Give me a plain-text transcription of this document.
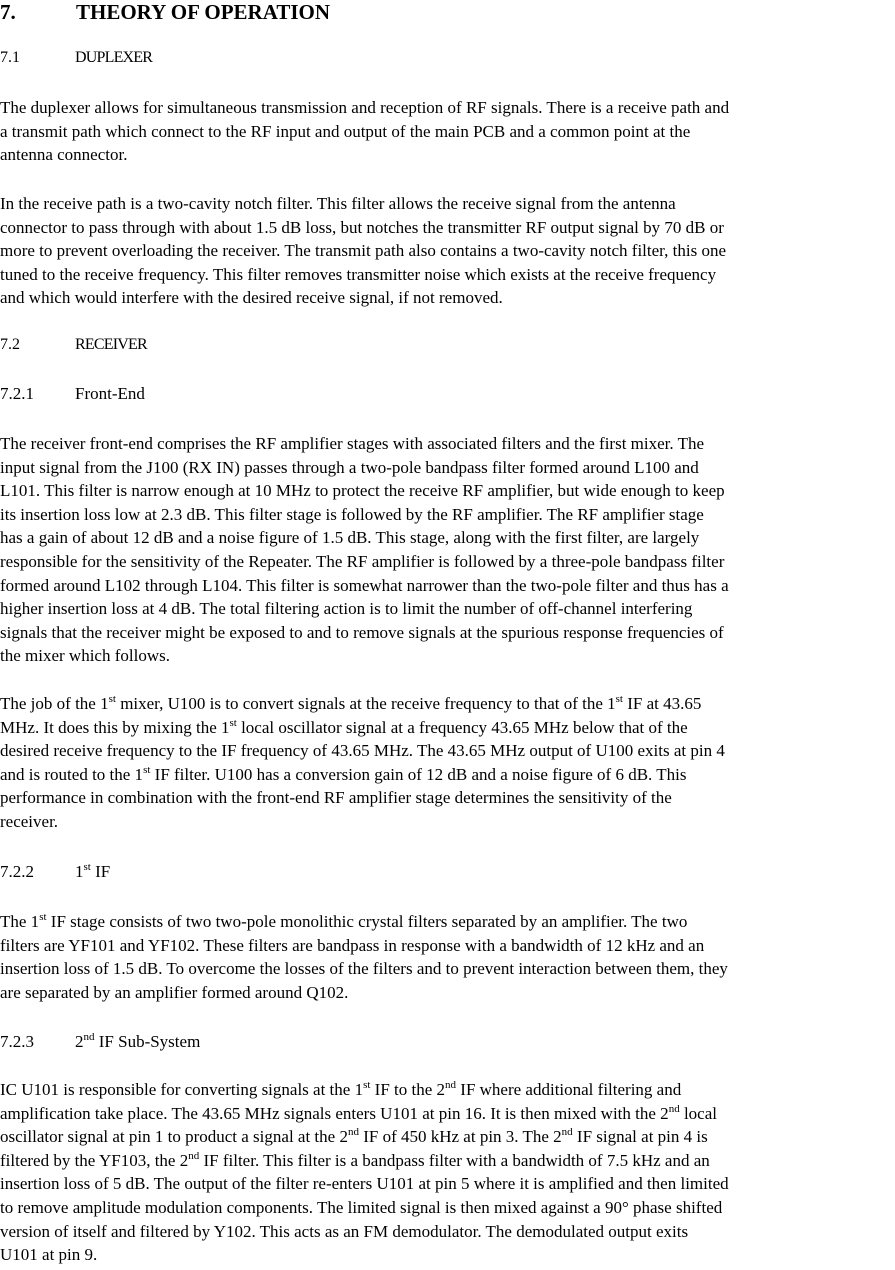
7.	THEORY OF OPERATION
7.1	DUPLEXER
The duplexer allows for simultaneous transmission and reception of RF signals. There is a receive path and
a transmit path which connect to the RF input and output of the main PCB and a common point at the
antenna connector.
In the receive path is a two-cavity notch filter. This filter allows the receive signal from the antenna
connector to pass through with about 1.5 dB loss, but notches the transmitter RF output signal by 70 dB or
more to prevent overloading the receiver. The transmit path also contains a two-cavity notch filter, this one
tuned to the receive frequency. This filter removes transmitter noise which exists at the receive frequency
and which would interfere with the desired receive signal, if not removed.
7.2	RECEIVER
7.2.1 Front-End
The receiver front-end comprises the RF amplifier stages with associated filters and the first mixer. The
input signal from the J100 (RX IN) passes through a two-pole bandpass filter formed around L100 and
L101. This filter is narrow enough at 10 MHz to protect the receive RF amplifier, but wide enough to keep
its insertion loss low at 2.3 dB. This filter stage is followed by the RF amplifier. The RF amplifier stage
has a gain of about 12 dB and a noise figure of 1.5 dB. This stage, along with the first filter, are largely
responsible for the sensitivity of the Repeater. The RF amplifier is followed by a three-pole bandpass filter
formed around L102 through L104. This filter is somewhat narrower than the two-pole filter and thus has a
higher insertion loss at 4 dB. The total filtering action is to limit the number of off-channel interfering
signals that the receiver might be exposed to and to remove signals at the spurious response frequencies of
the mixer which follows.
The job of the 1st mixer, U100 is to convert signals at the receive frequency to that of the 1st IF at 43.65
MHz. It does this by mixing the 1st local oscillator signal at a frequency 43.65 MHz below that of the
desired receive frequency to the IF frequency of 43.65 MHz. The 43.65 MHz output of U100 exits at pin 4
and is routed to the 1st IF filter. U100 has a conversion gain of 12 dB and a noise figure of 6 dB. This
performance in combination with the front-end RF amplifier stage determines the sensitivity of the
receiver.
7.2.2 1st IF
The 1st IF stage consists of two two-pole monolithic crystal filters separated by an amplifier. The two
filters are YF101 and YF102. These filters are bandpass in response with a bandwidth of 12 kHz and an
insertion loss of 1.5 dB. To overcome the losses of the filters and to prevent interaction between them, they
are separated by an amplifier formed around Q102.
7.2.3 2nd IF Sub-System
IC U101 is responsible for converting signals at the 1st IF to the 2nd IF where additional filtering and
amplification take place. The 43.65 MHz signals enters U101 at pin 16. It is then mixed with the 2nd local
oscillator signal at pin 1 to product a signal at the 2nd IF of 450 kHz at pin 3. The 2nd IF signal at pin 4 is
filtered by the YF103, the 2nd IF filter. This filter is a bandpass filter with a bandwidth of 7.5 kHz and an
insertion loss of 5 dB. The output of the filter re-enters U101 at pin 5 where it is amplified and then limited
to remove amplitude modulation components. The limited signal is then mixed against a 90° phase shifted
version of itself and filtered by Y102. This acts as an FM demodulator. The demodulated output exits
U101 at pin 9.
